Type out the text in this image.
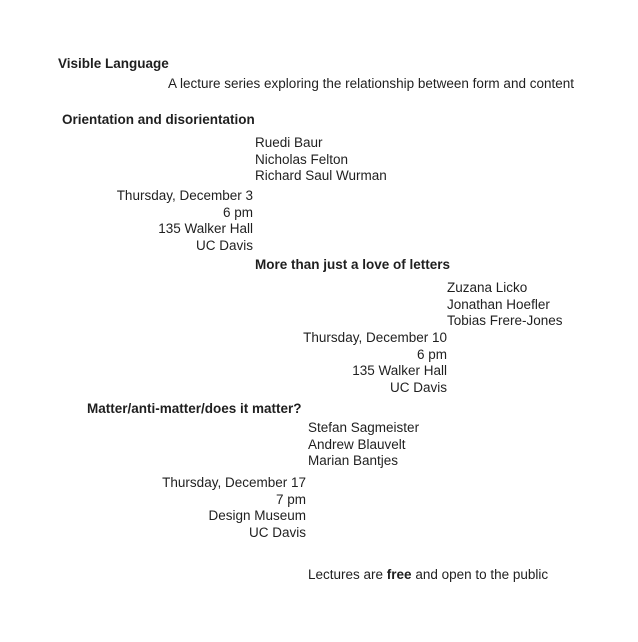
Visible Language
A lecture series exploring the relationship between form and content
Orientation and disorientation
Ruedi Baur
Nicholas Felton
Richard Saul Wurman
Thursday, December 3
6 pm
135 Walker Hall
UC Davis
More than just a love of letters
Zuzana Licko
Jonathan Hoefler
Tobias Frere-Jones
Thursday, December 10
6 pm
135 Walker Hall
UC Davis
Matter/anti-matter/does it matter?
Stefan Sagmeister
Andrew Blauvelt
Marian Bantjes
Thursday, December 17
7 pm
Design Museum
UC Davis
Lectures are free and open to the public
